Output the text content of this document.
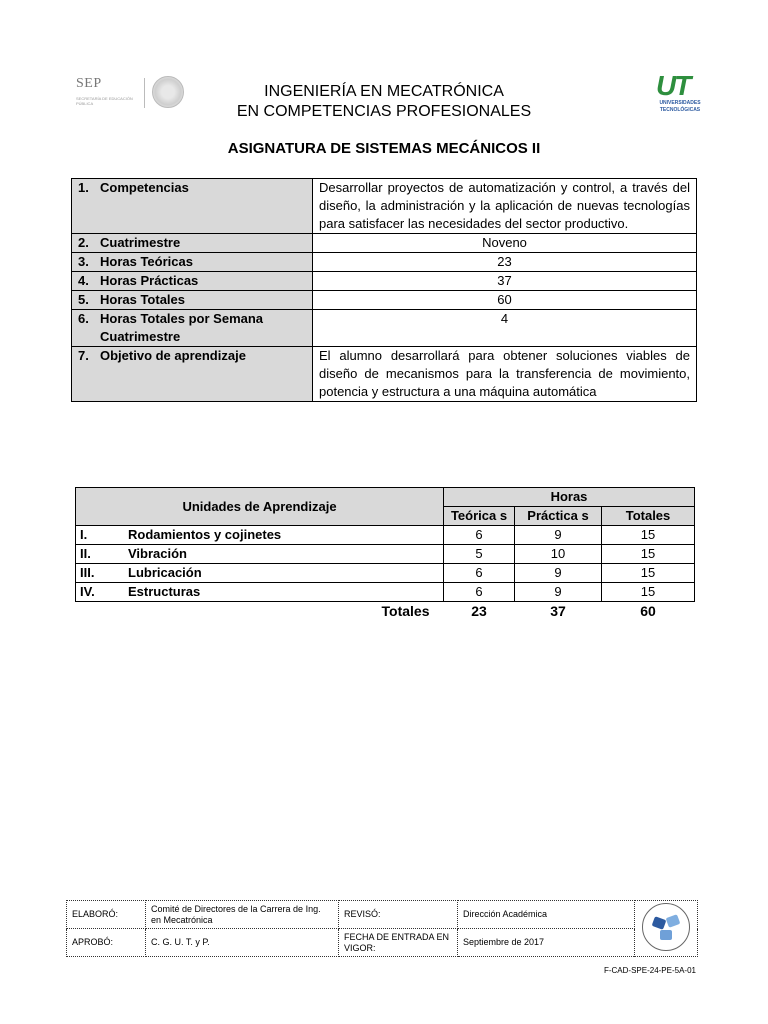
SEP
SECRETARÍA DE EDUCACIÓN PÚBLICA
INGENIERÍA EN MECATRÓNICA
EN COMPETENCIAS PROFESIONALES
UT
UNIVERSIDADES
TECNOLÓGICAS
ASIGNATURA DE SISTEMAS MECÁNICOS II
1. Competencias	Desarrollar proyectos de automatización y control, a través del diseño, la administración y la aplicación de nuevas tecnologías para satisfacer las necesidades del sector productivo.
2. Cuatrimestre	Noveno
3. Horas Teóricas	23
4. Horas Prácticas	37
5. Horas Totales	60
6. Horas Totales por Semana
Cuatrimestre	4
7. Objetivo de aprendizaje	El alumno desarrollará para obtener soluciones viables de diseño de mecanismos para la transferencia de movimiento, potencia y estructura a una máquina automática
Unidades de Aprendizaje		Horas		
		Teórica s	Práctica s	Totales
I.	Rodamientos y cojinetes	6	9	15
II.	Vibración	5	10	15
III.	Lubricación	6	9	15
IV.	Estructuras	6	9	15
Totales		23	37	60
ELABORÓ:	Comité de Directores de la Carrera de Ing. en Mecatrónica	REVISÓ:	Dirección Académica	

APROBÓ:	C. G. U. T. y P.	FECHA DE ENTRADA EN VIGOR:	Septiembre de 2017	
F-CAD-SPE-24-PE-5A-01
